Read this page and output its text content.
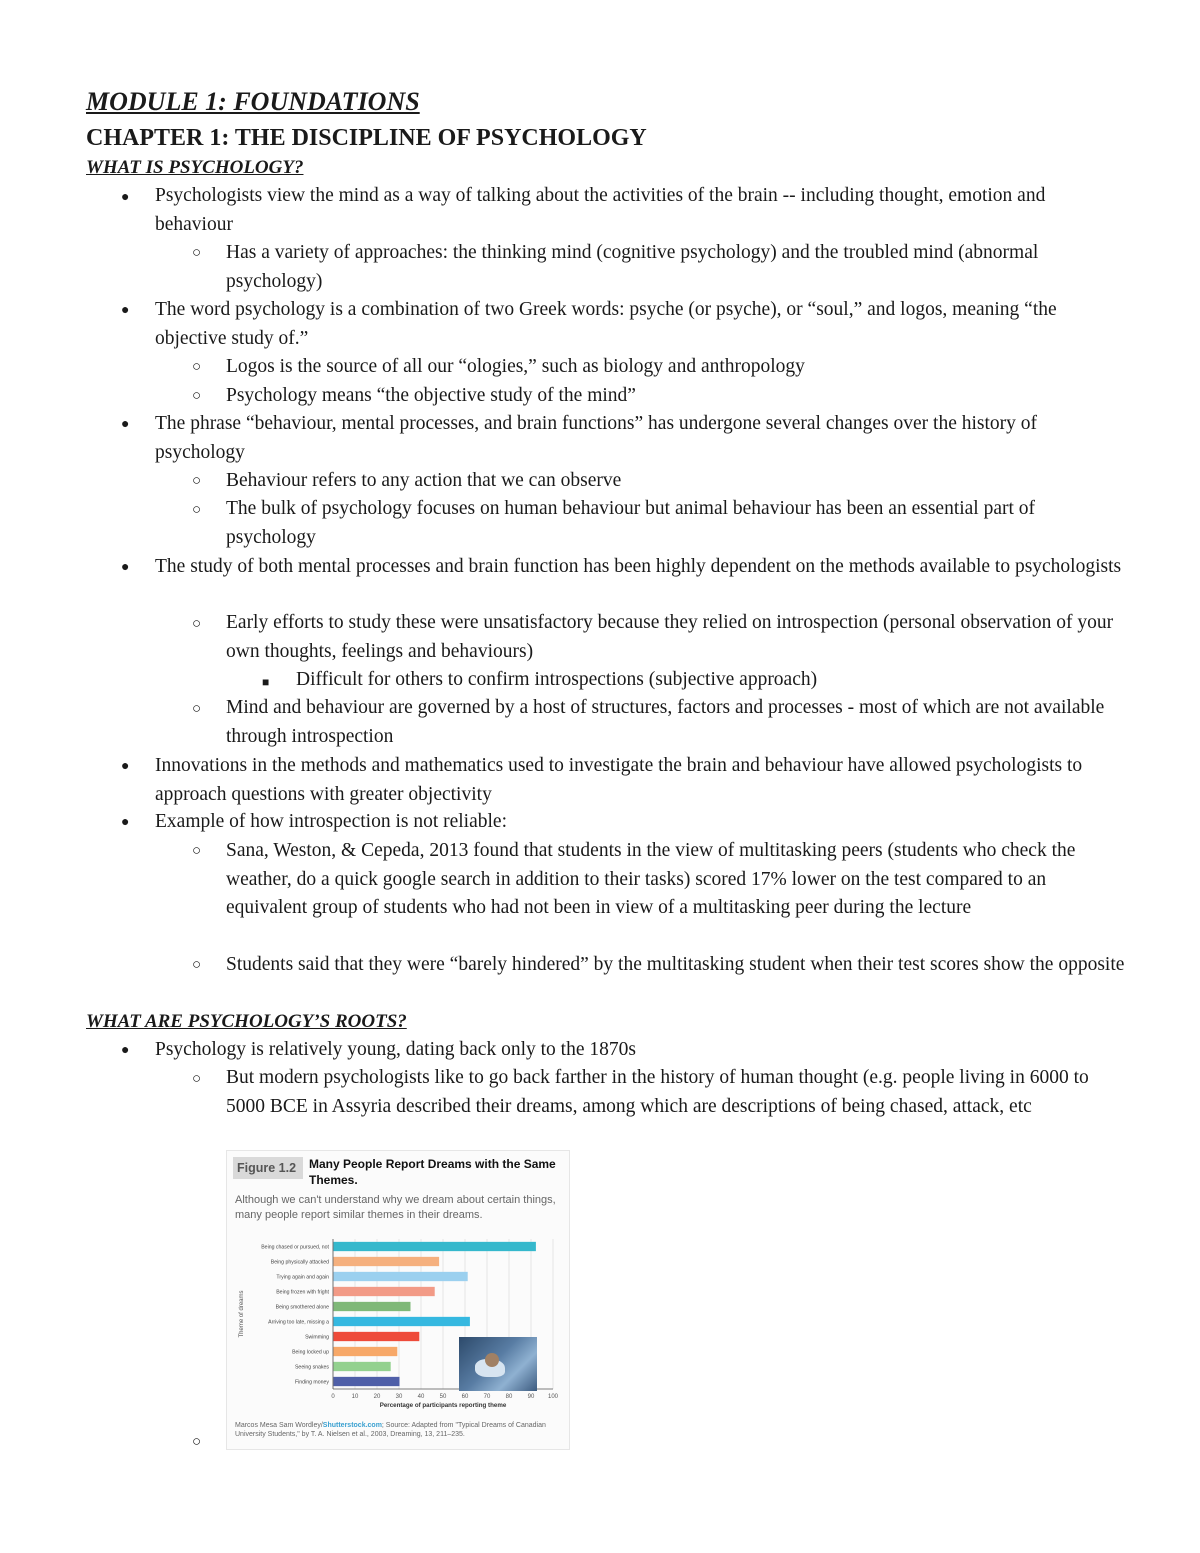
MODULE 1: FOUNDATIONS
CHAPTER 1: THE DISCIPLINE OF PSYCHOLOGY
WHAT IS PSYCHOLOGY?
● Psychologists view the mind as a way of talking about the activities of the brain -- including thought, emotion and behaviour
○ Has a variety of approaches: the thinking mind (cognitive psychology) and the troubled mind (abnormal psychology)
● The word psychology is a combination of two Greek words: psyche (or psyche), or “soul,” and logos, meaning “the objective study of.”
○ Logos is the source of all our “ologies,” such as biology and anthropology
○ Psychology means “the objective study of the mind”
● The phrase “behaviour, mental processes, and brain functions” has undergone several changes over the history of psychology
○ Behaviour refers to any action that we can observe
○ The bulk of psychology focuses on human behaviour but animal behaviour has been an essential part of psychology
● The study of both mental processes and brain function has been highly dependent on the methods available to psychologists
○ Early efforts to study these were unsatisfactory because they relied on introspection (personal observation of your own thoughts, feelings and behaviours)
■ Difficult for others to confirm introspections (subjective approach)
○ Mind and behaviour are governed by a host of structures, factors and processes - most of which are not available through introspection
● Innovations in the methods and mathematics used to investigate the brain and behaviour have allowed psychologists to approach questions with greater objectivity
● Example of how introspection is not reliable:
○ Sana, Weston, & Cepeda, 2013 found that students in the view of multitasking peers (students who check the weather, do a quick google search in addition to their tasks) scored 17% lower on the test compared to an equivalent group of students who had not been in view of a multitasking peer during the lecture
○ Students said that they were “barely hindered” by the multitasking student when their test scores show the opposite
WHAT ARE PSYCHOLOGY’S ROOTS?
● Psychology is relatively young, dating back only to the 1870s
○ But modern psychologists like to go back farther in the history of human thought (e.g. people living in 6000 to 5000 BCE in Assyria described their dreams, among which are descriptions of being chased, attack, etc
○
Figure 1.2	Many People Report Dreams with the Same Themes.
Although we can't understand why we dream about certain things, many people report similar themes in their dreams.
0	10	20	30	40	50	60	70	80	90 100
Being chased or pursued, not
Being physically attacked
Trying again and again
Being frozen with fright
Being smothered alone
Arriving too late, missing a
Swimming
Being locked up
Seeing snakes
Finding money
Percentage of participants reporting theme
Theme of dreams
Marcos Mesa Sam Wordley/Shutterstock.com; Source: Adapted from "Typical Dreams of Canadian University Students," by T. A. Nielsen et al., 2003, Dreaming, 13, 211–235.
